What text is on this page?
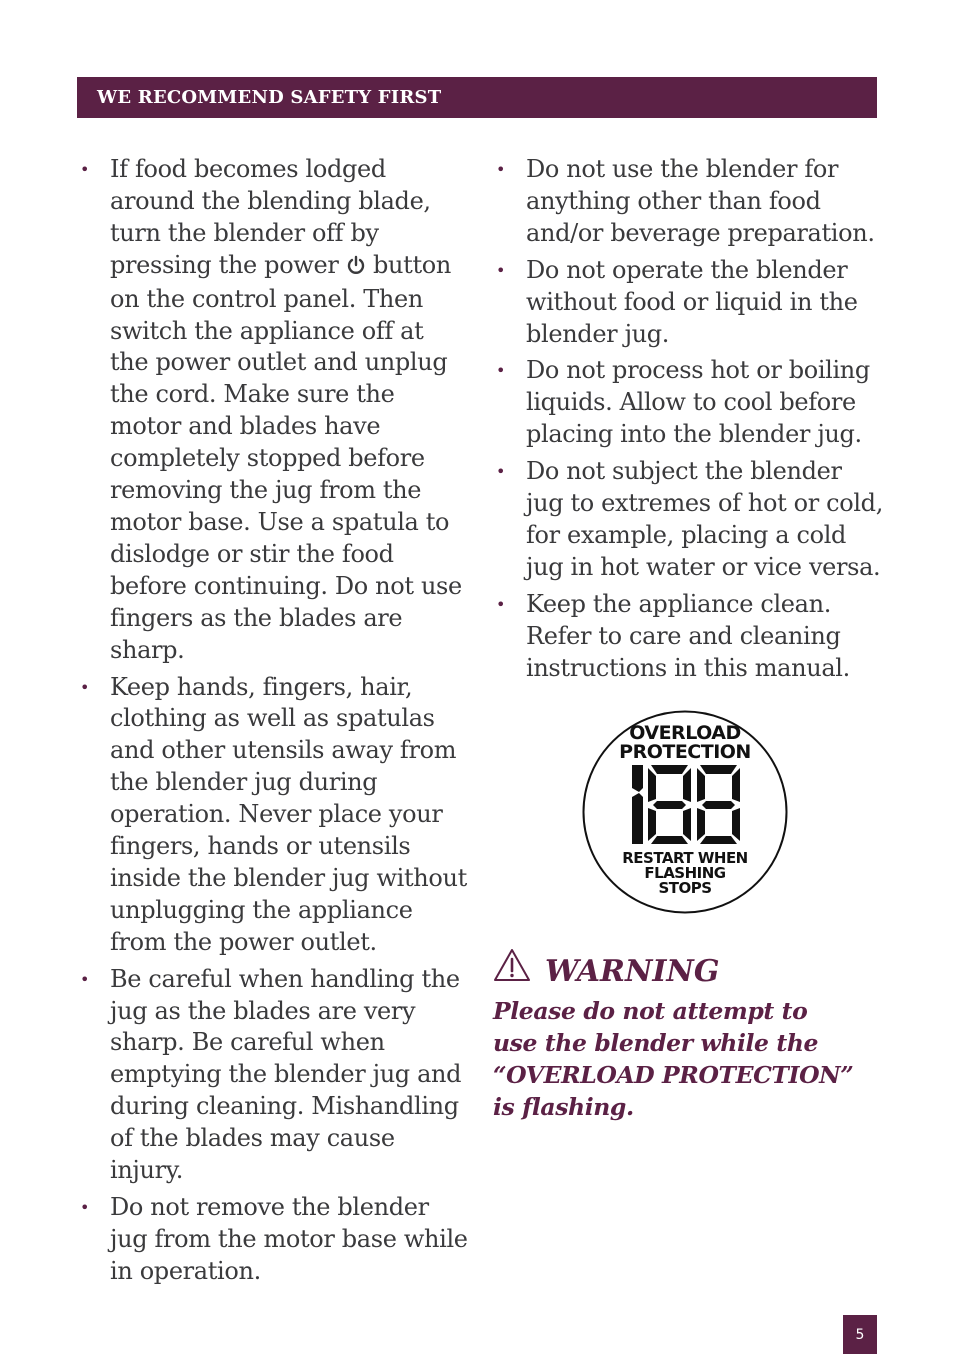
WE RECOMMEND SAFETY FIRST
• If food becomes lodged around the blending blade, turn the blender off by pressing the power button on the control panel. Then switch the appliance off at the power outlet and unplug the cord. Make sure the motor and blades have completely stopped before removing the jug from the motor base. Use a spatula to dislodge or stir the food before continuing. Do not use fingers as the blades are sharp.
• Keep hands, fingers, hair, clothing as well as spatulas and other utensils away from the blender jug during operation. Never place your fingers, hands or utensils inside the blender jug without unplugging the appliance from the power outlet.
• Be careful when handling the jug as the blades are very sharp. Be careful when emptying the blender jug and during cleaning. Mishandling of the blades may cause injury.
• Do not remove the blender jug from the motor base while in operation.
• Do not use the blender for anything other than food and/or beverage preparation.
• Do not operate the blender without food or liquid in the blender jug.
• Do not process hot or boiling liquids. Allow to cool before placing into the blender jug.
• Do not subject the blender jug to extremes of hot or cold, for example, placing a cold jug in hot water or vice versa.
• Keep the appliance clean. Refer to care and cleaning instructions in this manual.
OVERLOAD
PROTECTION
RESTART WHEN
FLASHING
STOPS
WARNING
Please do not attempt to
use the blender while the
“OVERLOAD PROTECTION”
is flashing.
5
